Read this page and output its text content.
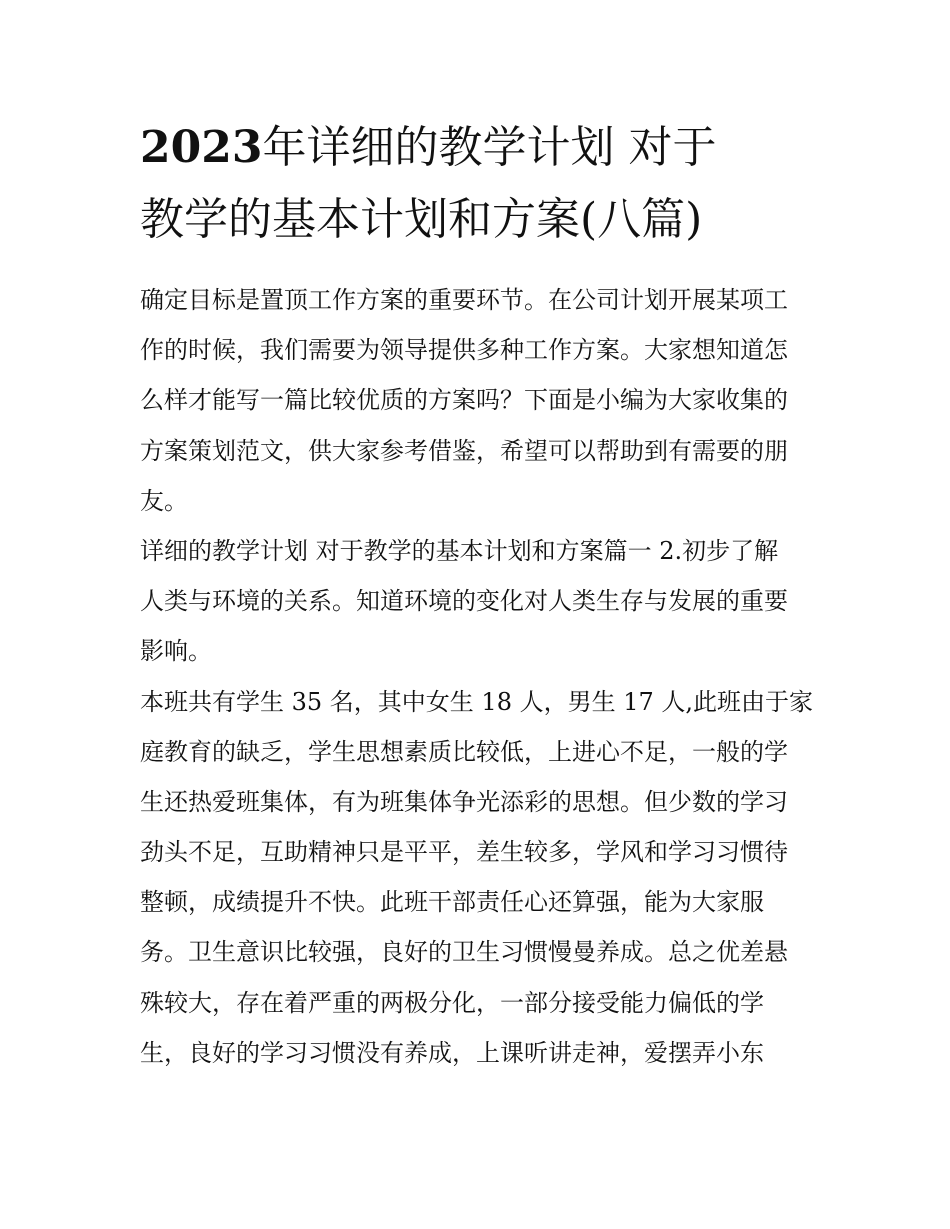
2023年详细的教学计划 对于
教学的基本计划和方案(八篇)
确定目标是置顶工作方案的重要环节。在公司计划开展某项工
作的时候，我们需要为领导提供多种工作方案。大家想知道怎
么样才能写一篇比较优质的方案吗？下面是小编为大家收集的
方案策划范文，供大家参考借鉴，希望可以帮助到有需要的朋
友。
详细的教学计划 对于教学的基本计划和方案篇一 2.初步了解
人类与环境的关系。知道环境的变化对人类生存与发展的重要
影响。
本班共有学生 35 名，其中女生 18 人，男生 17 人,此班由于家
庭教育的缺乏，学生思想素质比较低，上进心不足，一般的学
生还热爱班集体，有为班集体争光添彩的思想。但少数的学习
劲头不足，互助精神只是平平，差生较多，学风和学习习惯待
整顿，成绩提升不快。此班干部责任心还算强，能为大家服
务。卫生意识比较强，良好的卫生习惯慢曼养成。总之优差悬
殊较大，存在着严重的两极分化，一部分接受能力偏低的学
生，良好的学习习惯没有养成，上课听讲走神，爱摆弄小东
